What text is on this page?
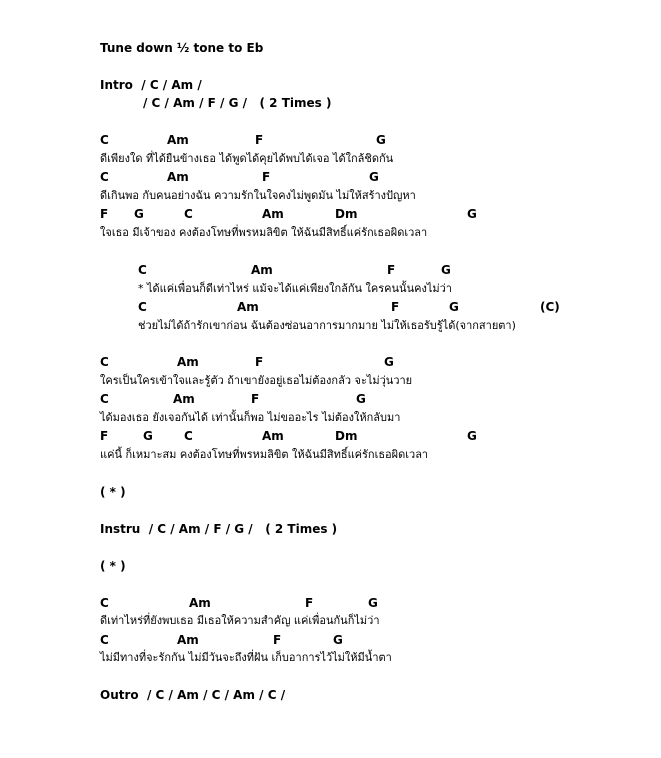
Tune down ½ tone to Eb
Intro  / C / Am /
/ C / Am / F / G /   ( 2 Times )

C

	Am

	F

	G

ดีเพียงใด ที่ได้ยืนข้างเธอ ได้พูดได้คุยได้พบได้เจอ ได้ใกล้ชิดกัน

C

	Am

	F

	G

ดีเกินพอ กับคนอย่างฉัน ความรักในใจคงไม่พูดมัน ไม่ให้สร้างปัญหา

F

G

	C

	Am

	Dm

	G

ใจเธอ มีเจ้าของ คงต้องโทษที่พรหมลิขิต ให้ฉันมีสิทธิ์แค่รักเธอผิดเวลา

C

	Am

	F

	G

* ได้แค่เพื่อนก็ดีเท่าไหร่ แม้จะได้แค่เพียงใกล้กัน ใครคนนั้นคงไม่ว่า

C

	Am

	F

	G

	(C)

ช่วยไม่ได้ถ้ารักเขาก่อน ฉันต้องซ่อนอาการมากมาย ไม่ให้เธอรับรู้ได้(จากสายตา)

C

	Am

	F

	G

ใครเป็นใครเข้าใจและรู้ตัว ถ้าเขายังอยู่เธอไม่ต้องกลัว จะไม่วุ่นวาย

C

	Am

	F

	G

ได้มองเธอ ยังเจอกันได้ เท่านั้นก็พอ ไม่ขออะไร ไม่ต้องให้กลับมา

F

	G

	C

	Am

	Dm

	G

แค่นี้ ก็เหมาะสม คงต้องโทษที่พรหมลิขิต ให้ฉันมีสิทธิ์แค่รักเธอผิดเวลา
( * )
Instru  / C / Am / F / G /   ( 2 Times )
( * )

C

	Am

	F

	G

ดีเท่าไหร่ที่ยังพบเธอ มีเธอให้ความสำคัญ แค่เพื่อนกันก็ไม่ว่า

C

	Am

	F

	G

ไม่มีทางที่จะรักกัน ไม่มีวันจะถึงที่ฝัน เก็บอาการไว้ไม่ให้มีน้ำตา
Outro  / C / Am / C / Am / C /
